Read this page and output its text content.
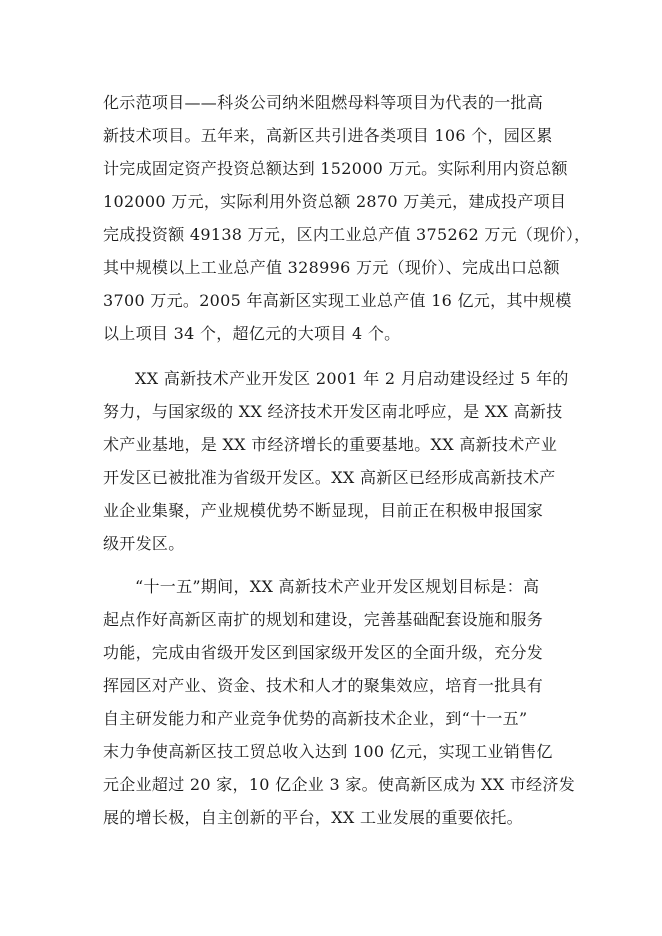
化示范项目——科炎公司纳米阻燃母料等项目为代表的一批高
新技术项目。五年来，高新区共引进各类项目 106 个，园区累
计完成固定资产投资总额达到 152000 万元。实际利用内资总额
102000 万元，实际利用外资总额 2870 万美元，建成投产项目
完成投资额 49138 万元，区内工业总产值 375262 万元（现价），
其中规模以上工业总产值 328996 万元（现价）、完成出口总额
3700 万元。2005 年高新区实现工业总产值 16 亿元，其中规模
以上项目 34 个，超亿元的大项目 4 个。
XX 高新技术产业开发区 2001 年 2 月启动建设经过 5 年的
努力，与国家级的 XX 经济技术开发区南北呼应，是 XX 高新技
术产业基地，是 XX 市经济增长的重要基地。XX 高新技术产业
开发区已被批准为省级开发区。XX 高新区已经形成高新技术产
业企业集聚，产业规模优势不断显现，目前正在积极申报国家
级开发区。
“十一五”期间，XX 高新技术产业开发区规划目标是：高
起点作好高新区南扩的规划和建设，完善基础配套设施和服务
功能，完成由省级开发区到国家级开发区的全面升级，充分发
挥园区对产业、资金、技术和人才的聚集效应，培育一批具有
自主研发能力和产业竞争优势的高新技术企业，到“十一五”
末力争使高新区技工贸总收入达到 100 亿元，实现工业销售亿
元企业超过 20 家，10 亿企业 3 家。使高新区成为 XX 市经济发
展的增长极，自主创新的平台，XX 工业发展的重要依托。
